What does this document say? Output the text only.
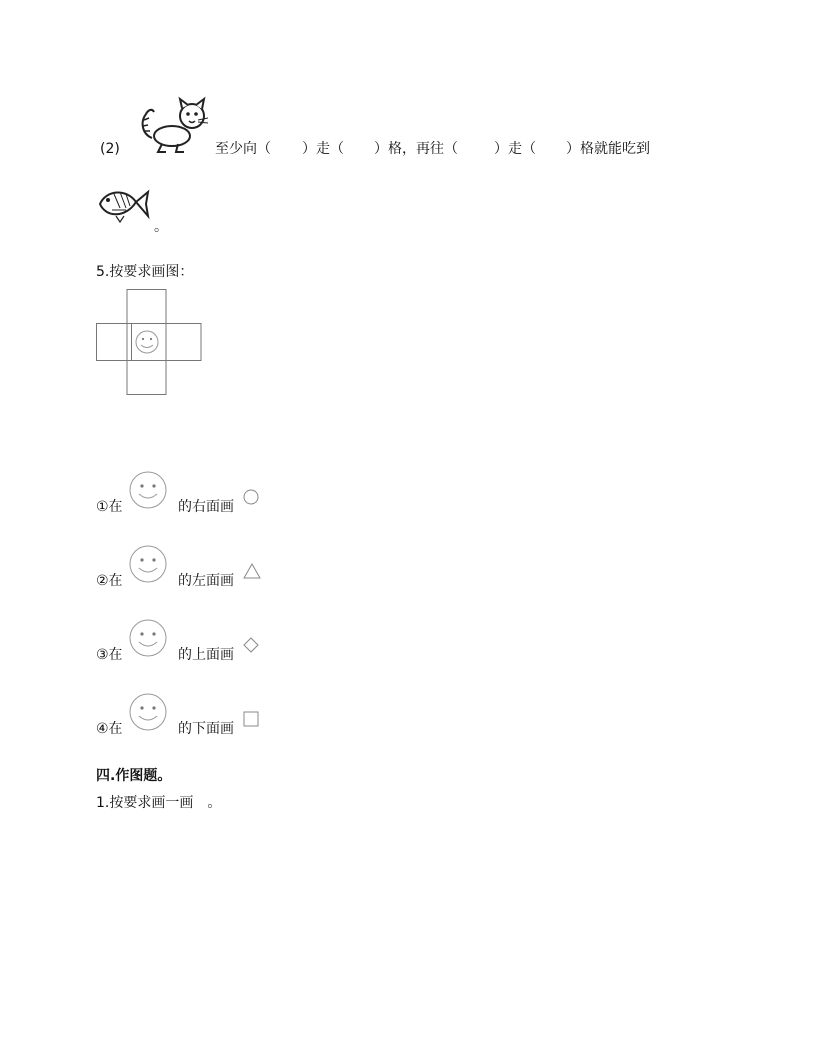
(2)	至少向（ ）走（ ）格，再往（	）走（ ）格就能吃到
。
5.按要求画图：
①在	的右面画
②在	的左面画
③在	的上面画
④在	的下面画
四.作图题。
1.按要求画一画　。
